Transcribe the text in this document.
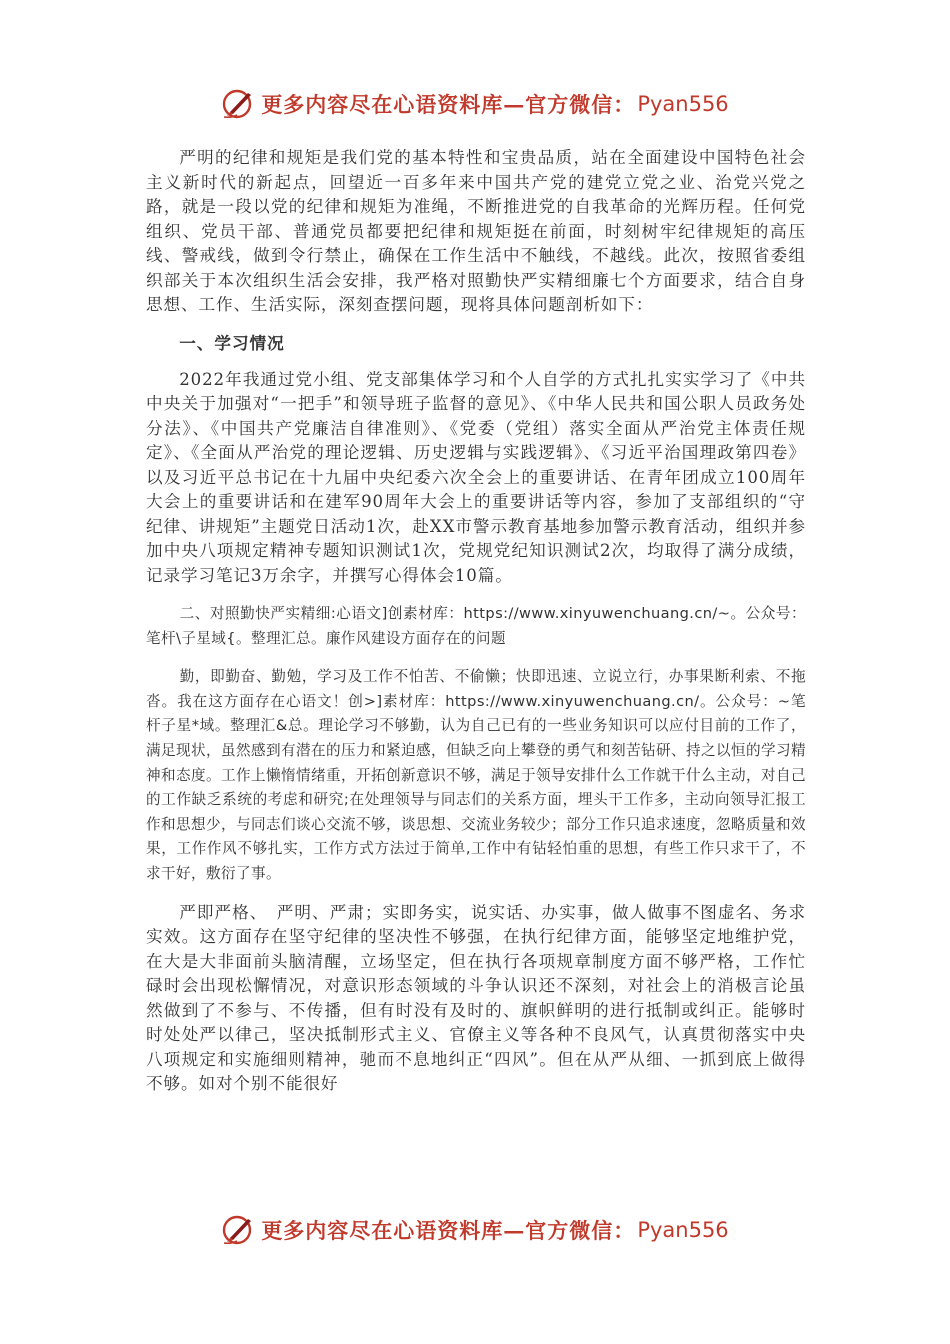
更多内容尽在心语资料库—官方微信： Pyan556

严明的纪律和规矩是我们党的基本特性和宝贵品质，站在全面建设中国特色社会主义新时代的新起点，回望近一百多年来中国共产党的建党立党之业、治党兴党之路，就是一段以党的纪律和规矩为准绳，不断推进党的自我革命的光辉历程。任何党组织、党员干部、普通党员都要把纪律和规矩挺在前面，时刻树牢纪律规矩的高压线、警戒线，做到令行禁止，确保在工作生活中不触线，不越线。此次，按照省委组织部关于本次组织生活会安排，我严格对照勤快严实精细廉七个方面要求，结合自身思想、工作、生活实际，深刻查摆问题，现将具体问题剖析如下：

一、学习情况

2022年我通过党小组、党支部集体学习和个人自学的方式扎扎实实学习了《中共中央关于加强对“一把手”和领导班子监督的意见》、《中华人民共和国公职人员政务处分法》、《中国共产党廉洁自律准则》、《党委（党组）落实全面从严治党主体责任规定》、《全面从严治党的理论逻辑、历史逻辑与实践逻辑》、《习近平治国理政第四卷》以及习近平总书记在十九届中央纪委六次全会上的重要讲话、在青年团成立100周年大会上的重要讲话和在建军90周年大会上的重要讲话等内容，参加了支部组织的“守纪律、讲规矩”主题党日活动1次，赴XX市警示教育基地参加警示教育活动，组织并参加中央八项规定精神专题知识测试1次，党规党纪知识测试2次，均取得了满分成绩，记录学习笔记3万余字，并撰写心得体会10篇。

二、对照勤快严实精细:心语文]创素材库：https://www.xinyuwenchuang.cn/~。公众号：笔杆\子星域{。整理汇总。廉作风建设方面存在的问题

勤，即勤奋、勤勉，学习及工作不怕苦、不偷懒；快即迅速、立说立行，办事果断利索、不拖沓。我在这方面存在心语文！创>]素材库：https://www.xinyuwenchuang.cn/。公众号：~笔杆子星*域。整理汇&总。理论学习不够勤，认为自己已有的一些业务知识可以应付目前的工作了，满足现状，虽然感到有潜在的压力和紧迫感，但缺乏向上攀登的勇气和刻苦钻研、持之以恒的学习精神和态度。工作上懒惰情绪重，开拓创新意识不够，满足于领导安排什么工作就干什么主动，对自己的工作缺乏系统的考虑和研究;在处理领导与同志们的关系方面，埋头干工作多，主动向领导汇报工作和思想少，与同志们谈心交流不够，谈思想、交流业务较少；部分工作只追求速度，忽略质量和效果，工作作风不够扎实，工作方式方法过于简单,工作中有钻轻怕重的思想，有些工作只求干了，不求干好，敷衍了事。

严即严格、　严明、严肃；实即务实，说实话、办实事，做人做事不图虚名、务求实效。这方面存在坚守纪律的坚决性不够强，在执行纪律方面，能够坚定地维护党，在大是大非面前头脑清醒，立场坚定，但在执行各项规章制度方面不够严格，工作忙碌时会出现松懈情况，对意识形态领域的斗争认识还不深刻，对社会上的消极言论虽然做到了不参与、不传播，但有时没有及时的、旗帜鲜明的进行抵制或纠正。能够时时处处严以律己，坚决抵制形式主义、官僚主义等各种不良风气，认真贯彻落实中央八项规定和实施细则精神，驰而不息地纠正“四风”。但在从严从细、一抓到底上做得不够。如对个别不能很好

更多内容尽在心语资料库—官方微信： Pyan556
